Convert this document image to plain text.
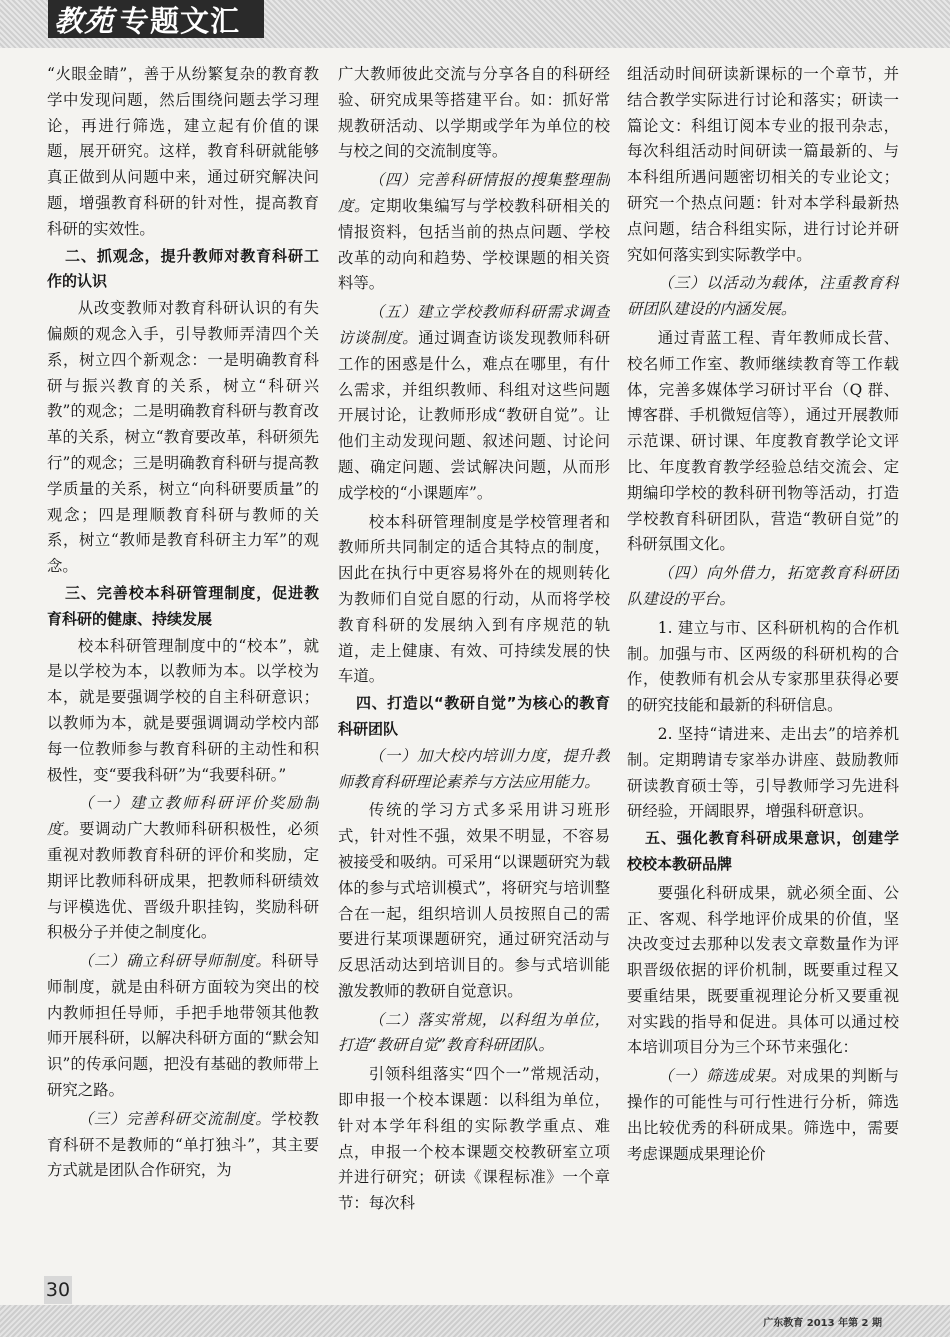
教苑 专题文汇

“火眼金睛”，善于从纷繁复杂的教育教学中发现问题，然后围绕问题去学习理论，再进行筛选，建立起有价值的课题，展开研究。这样，教育科研就能够真正做到从问题中来，通过研究解决问题，增强教育科研的针对性，提高教育科研的实效性。

二、抓观念，提升教师对教育科研工作的认识

从改变教师对教育科研认识的有失偏颇的观念入手，引导教师弄清四个关系，树立四个新观念：一是明确教育科研与振兴教育的关系，树立“科研兴教”的观念；二是明确教育科研与教育改革的关系，树立“教育要改革，科研须先行”的观念；三是明确教育科研与提高教学质量的关系，树立“向科研要质量”的观念；四是理顺教育科研与教师的关系，树立“教师是教育科研主力军”的观念。

三、完善校本科研管理制度，促进教育科研的健康、持续发展

校本科研管理制度中的“校本”，就是以学校为本，以教师为本。以学校为本，就是要强调学校的自主科研意识；以教师为本，就是要强调调动学校内部每一位教师参与教育科研的主动性和积极性，变“要我科研”为“我要科研。”

（一）建立教师科研评价奖励制度。要调动广大教师科研积极性，必须重视对教师教育科研的评价和奖励，定期评比教师科研成果，把教师科研绩效与评模选优、晋级升职挂钩，奖励科研积极分子并使之制度化。

（二）确立科研导师制度。科研导师制度，就是由科研方面较为突出的校内教师担任导师，手把手地带领其他教师开展科研，以解决科研方面的“默会知识”的传承问题，把没有基础的教师带上研究之路。

（三）完善科研交流制度。学校教育科研不是教师的“单打独斗”，其主要方式就是团队合作研究，为

广大教师彼此交流与分享各自的科研经验、研究成果等搭建平台。如：抓好常规教研活动、以学期或学年为单位的校与校之间的交流制度等。

（四）完善科研情报的搜集整理制度。定期收集编写与学校教科研相关的情报资料，包括当前的热点问题、学校改革的动向和趋势、学校课题的相关资料等。

（五）建立学校教师科研需求调查访谈制度。通过调查访谈发现教师科研工作的困惑是什么，难点在哪里，有什么需求，并组织教师、科组对这些问题开展讨论，让教师形成“教研自觉”。让他们主动发现问题、叙述问题、讨论问题、确定问题、尝试解决问题，从而形成学校的“小课题库”。

校本科研管理制度是学校管理者和教师所共同制定的适合其特点的制度，因此在执行中更容易将外在的规则转化为教师们自觉自愿的行动，从而将学校教育科研的发展纳入到有序规范的轨道，走上健康、有效、可持续发展的快车道。

四、打造以“教研自觉”为核心的教育科研团队

（一）加大校内培训力度，提升教师教育科研理论素养与方法应用能力。

传统的学习方式多采用讲习班形式，针对性不强，效果不明显，不容易被接受和吸纳。可采用“以课题研究为载体的参与式培训模式”，将研究与培训整合在一起，组织培训人员按照自己的需要进行某项课题研究，通过研究活动与反思活动达到培训目的。参与式培训能激发教师的教研自觉意识。

（二）落实常规，以科组为单位，打造“教研自觉”教育科研团队。

引领科组落实“四个一”常规活动，即申报一个校本课题：以科组为单位，针对本学年科组的实际教学重点、难点，申报一个校本课题交校教研室立项并进行研究；研读《课程标准》一个章节：每次科

组活动时间研读新课标的一个章节，并结合教学实际进行讨论和落实；研读一篇论文：科组订阅本专业的报刊杂志，每次科组活动时间研读一篇最新的、与本科组所遇问题密切相关的专业论文；研究一个热点问题：针对本学科最新热点问题，结合科组实际，进行讨论并研究如何落实到实际教学中。

（三）以活动为载体，注重教育科研团队建设的内涵发展。

通过青蓝工程、青年教师成长营、校名师工作室、教师继续教育等工作载体，完善多媒体学习研讨平台（Q 群、博客群、手机微短信等），通过开展教师示范课、研讨课、年度教育教学论文评比、年度教育教学经验总结交流会、定期编印学校的教科研刊物等活动，打造学校教育科研团队，营造“教研自觉”的科研氛围文化。

（四）向外借力，拓宽教育科研团队建设的平台。

1. 建立与市、区科研机构的合作机制。加强与市、区两级的科研机构的合作，使教师有机会从专家那里获得必要的研究技能和最新的科研信息。

2. 坚持“请进来、走出去”的培养机制。定期聘请专家举办讲座、鼓励教师研读教育硕士等，引导教师学习先进科研经验，开阔眼界，增强科研意识。

五、强化教育科研成果意识，创建学校校本教研品牌

要强化科研成果，就必须全面、公正、客观、科学地评价成果的价值，坚决改变过去那种以发表文章数量作为评职晋级依据的评价机制，既要重过程又要重结果，既要重视理论分析又要重视对实践的指导和促进。具体可以通过校本培训项目分为三个环节来强化：

（一）筛选成果。对成果的判断与操作的可能性与可行性进行分析，筛选出比较优秀的科研成果。筛选中，需要考虑课题成果理论价

30
广东教育 2013 年第 2 期
